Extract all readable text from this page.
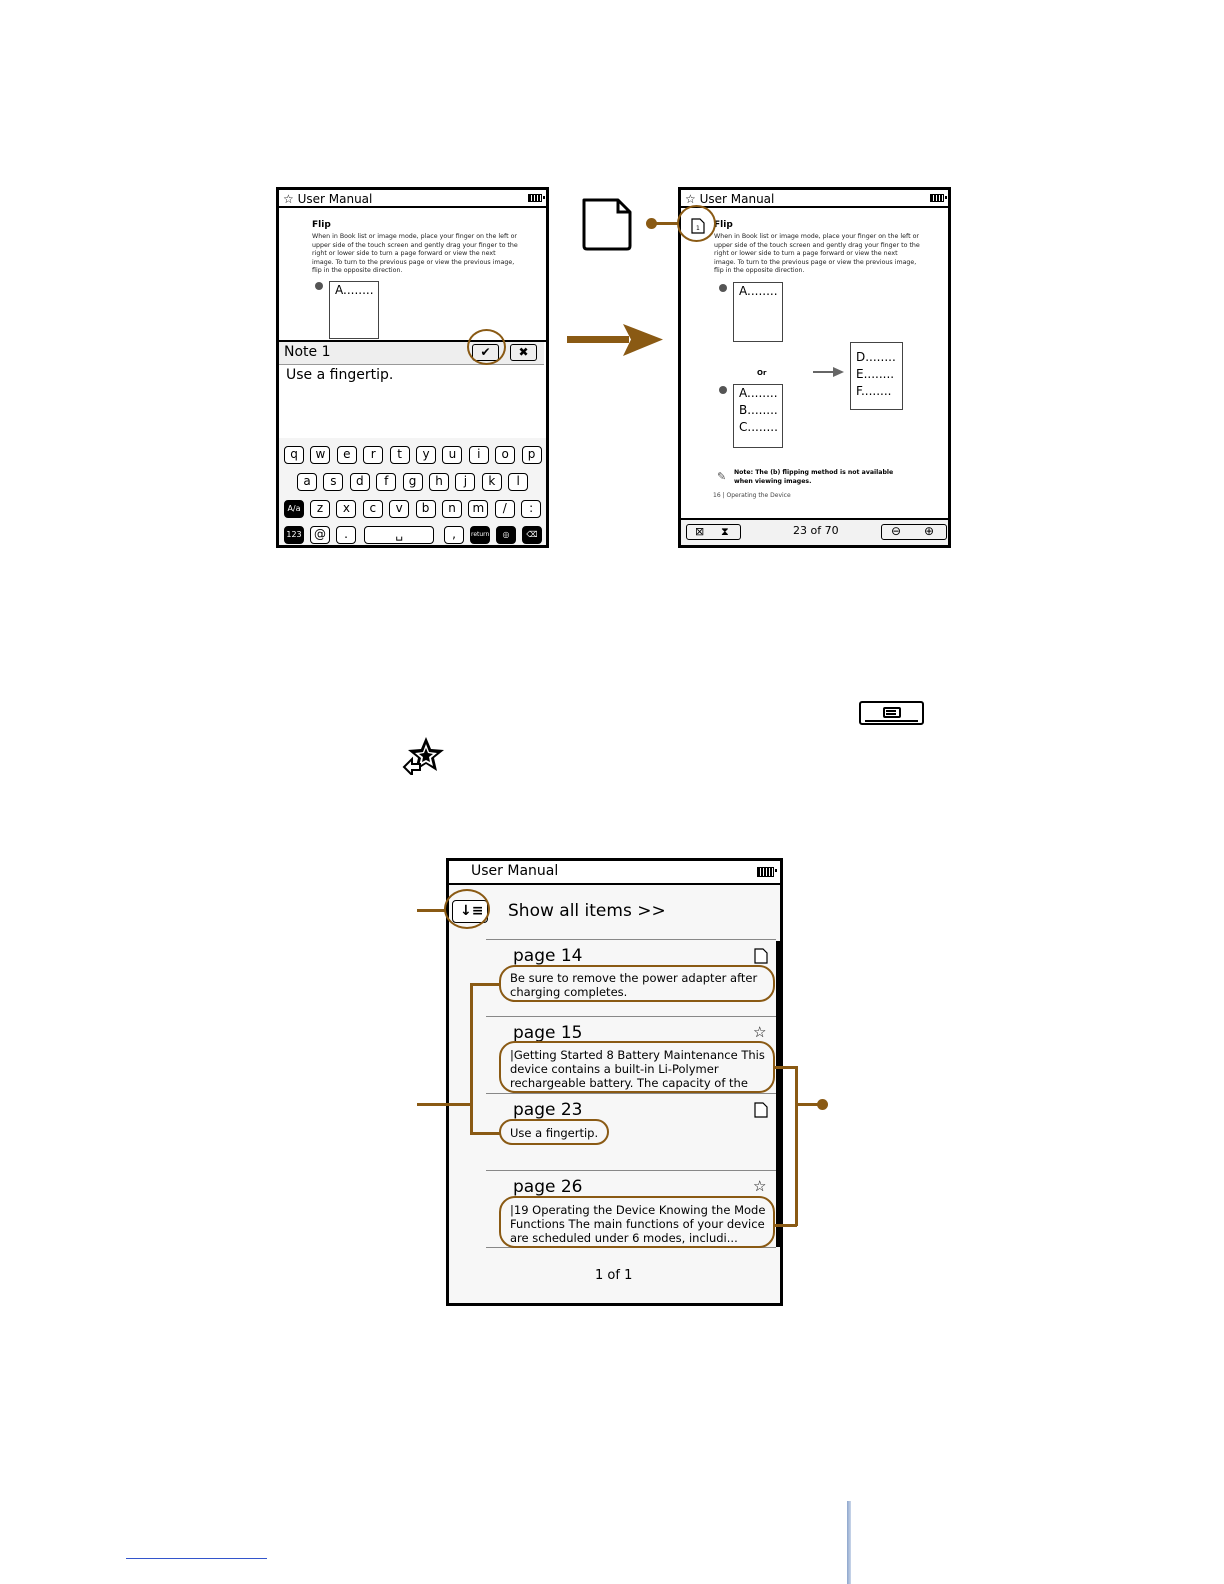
☆ User Manual
Flip
When in Book list or image mode, place your finger on the left or upper side of the touch screen and gently drag your finger to the right or lower side to turn a page forward or view the next image. To turn to the previous page or view the previous image, flip in the opposite direction.
A........
Note 1	✔	✖
Use a fingertip.
A/a
123	@	.	␣	,	return	◎	⌫
q	w	e	r	t	y	u	i	o	p
a	s	d	f	g	h	j	k	l
z	x	c	v	b	n	m	/	:
☆ User Manual
1 Flip
When in Book list or image mode, place your finger on the left or upper side of the touch screen and gently drag your finger to the right or lower side to turn a page forward or view the next image. To turn to the previous page or view the previous image, flip in the opposite direction.
A........
Or
A........
B........
C........
D........
E........
F........
✎ Note: The (b) flipping method is not available when viewing images.
16 | Operating the Device
⊠ ⧗	23 of 70	⊖ ⊕
User Manual
↓≡ Show all items >>
page 14
Be sure to remove the power adapter after charging completes.
page 15	☆
|Getting Started 8 Battery Maintenance This device contains a built-in Li-Polymer rechargeable battery. The capacity of the
page 23
Use a fingertip.
page 26	☆
|19 Operating the Device Knowing the Mode Functions The main functions of your device are scheduled under 6 modes, includi...
1 of 1
